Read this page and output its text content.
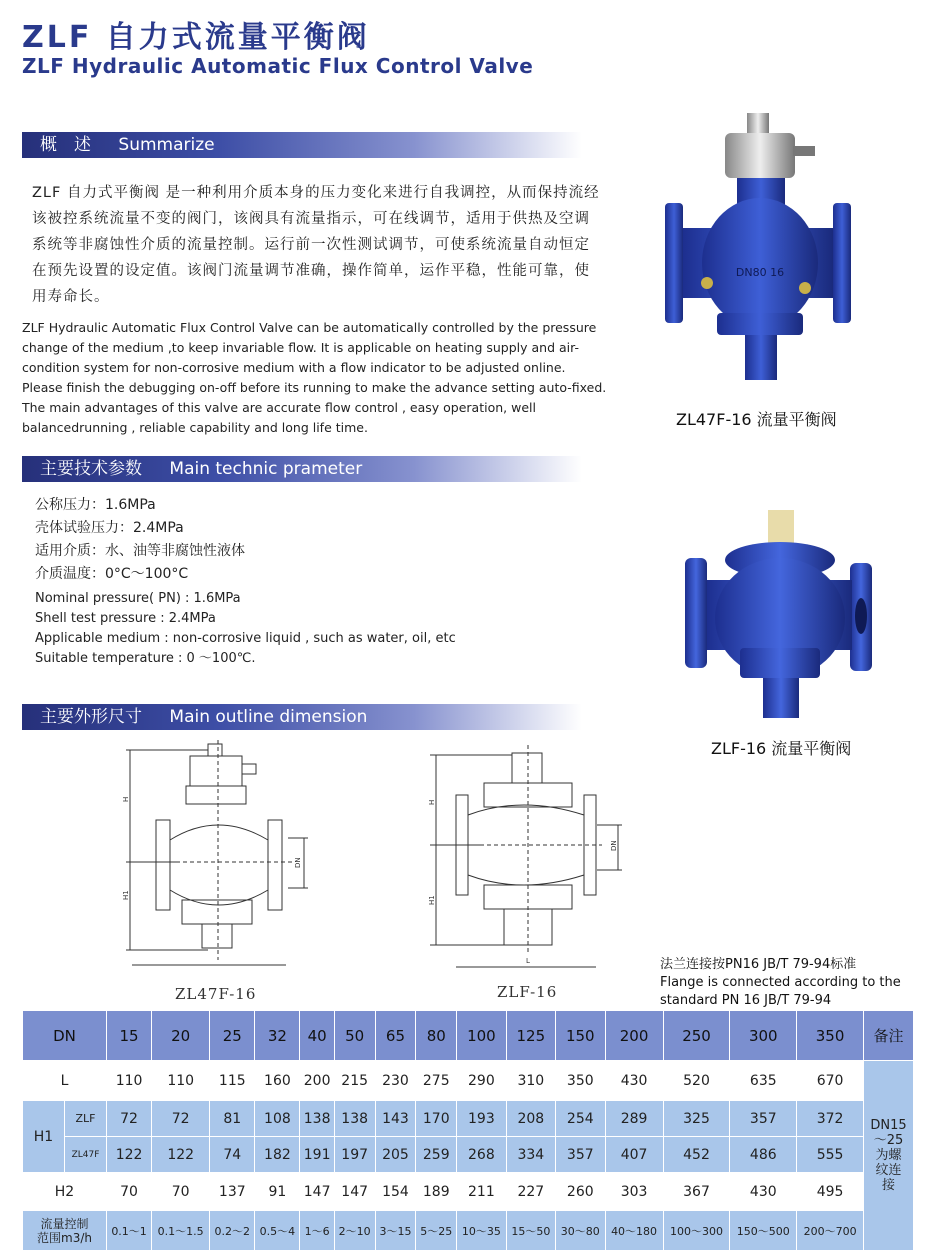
ZLF 自力式流量平衡阀
ZLF Hydraulic Automatic Flux Control Valve
概　述 Summarize
ZLF 自力式平衡阀 是一种利用介质本身的压力变化来进行自我调控，从而保持流经该被控系统流量不变的阀门，该阀具有流量指示，可在线调节，适用于供热及空调系统等非腐蚀性介质的流量控制。运行前一次性测试调节，可使系统流量自动恒定在预先设置的设定值。该阀门流量调节准确，操作简单，运作平稳，性能可靠，使用寿命长。
ZLF Hydraulic Automatic Flux Control Valve can be automatically controlled by the pressure change of the medium ,to keep invariable flow. It is applicable on heating supply and air-condition system for non-corrosive medium with a flow indicator to be adjusted online. Please finish the debugging on-off before its running to make the advance setting auto-fixed. The main advantages of this valve are accurate flow control , easy operation, well balancedrunning , reliable capability and long life time.
主要技术参数 Main technic prameter
公称压力：1.6MPa
壳体试验压力：2.4MPa
适用介质：水、油等非腐蚀性液体
介质温度：0°C～100°C
Nominal pressure( PN) : 1.6MPa
Shell test pressure : 2.4MPa
Applicable medium : non-corrosive liquid , such as water, oil, etc
Suitable temperature : 0 ～100℃.
DN80 16
ZL47F-16 流量平衡阀
ZLF-16 流量平衡阀
主要外形尺寸 Main outline dimension
H
H1
DN
ZL47F-16
H
H1
DN
L
ZLF-16
法兰连接按PN16 JB/T 79-94标准
Flange is connected according to the
standard PN 16 JB/T 79-94
DN		15	20	25	32	40	50	65	80	100	125	150	200	250	300	350	备注
L		110	110	115	160	200	215	230	275	290	310	350	430	520	635	670	DN15
～25
为螺
纹连
接

H1	ZLF	72	72	81	108	138	138	143	170	193	208	254	289	325	357	372	
	ZL47F	122	122	74	182	191	197	205	259	268	334	357	407	452	486	555	
H2		70	70	137	91	147	147	154	189	211	227	260	303	367	430	495	

流量控制
范围m3/h		0.1～1	0.1～1.5	0.2～2	0.5～4	1～6	2～10	3～15	5～25	10～35	15～50	30～80	40～180	100～300	150～500	200～700	
